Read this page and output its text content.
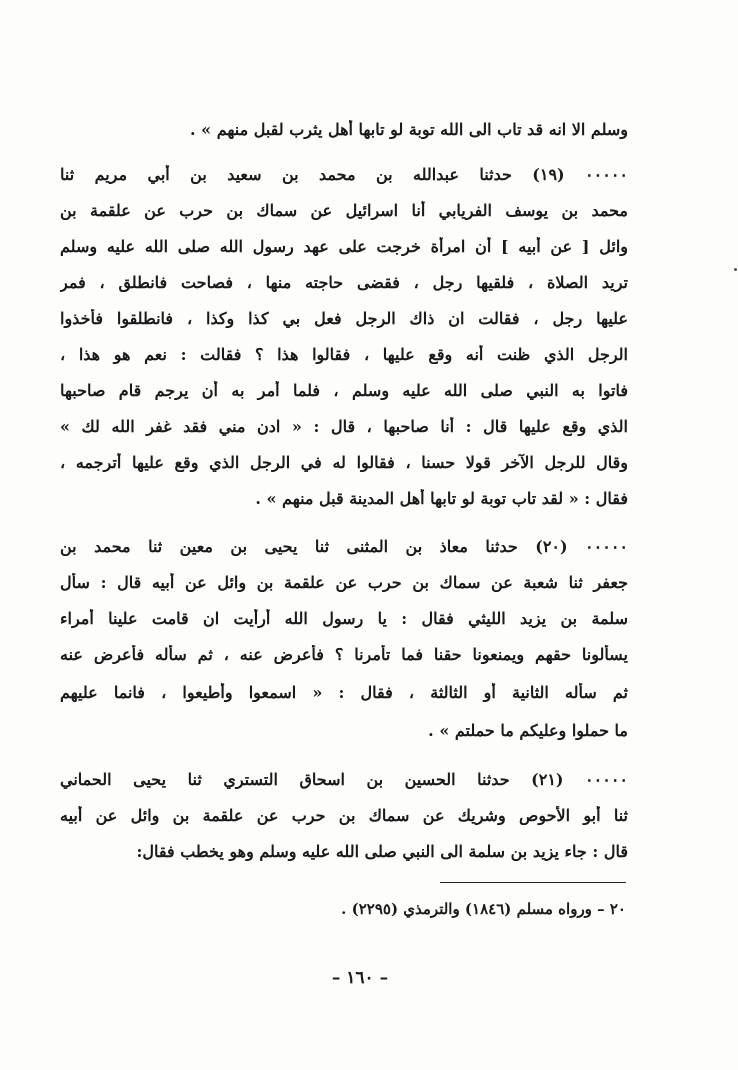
وسلم الا انه قد تاب الى الله توبة لو تابها أهل يثرب لقبل منهم » .
٠٠٠٠٠ (١٩) حدثنا عبدالله بن محمد بن سعيد بن أبي مريم ثنا
محمد بن يوسف الفريابي أنا اسرائيل عن سماك بن حرب عن علقمة بن
وائل [ عن أبيه ] أن امرأة خرجت على عهد رسول الله صلى الله عليه وسلم
تريد الصلاة ، فلقيها رجل ، فقضى حاجته منها ، فصاحت فانطلق ، فمر
عليها رجل ، فقالت ان ذاك الرجل فعل بي كذا وكذا ، فانطلقوا فأخذوا
الرجل الذي ظنت أنه وقع عليها ، فقالوا هذا ؟ فقالت : نعم هو هذا ،
فاتوا به النبي صلى الله عليه وسلم ، فلما أمر به أن يرجم قام صاحبها
الذي وقع عليها قال : أنا صاحبها ، قال : « ادن مني فقد غفر الله لك »
وقال للرجل الآخر قولا حسنا ، فقالوا له في الرجل الذي وقع عليها أترجمه ،
فقال : « لقد تاب توبة لو تابها أهل المدينة قبل منهم » .
٠٠٠٠٠ (٢٠) حدثنا معاذ بن المثنى ثنا يحيى بن معين ثنا محمد بن
جعفر ثنا شعبة عن سماك بن حرب عن علقمة بن وائل عن أبيه قال : سأل
سلمة بن يزيد الليثي فقال : يا رسول الله أرأيت ان قامت علينا أمراء
يسألونا حقهم ويمنعونا حقنا فما تأمرنا ؟ فأعرض عنه ، ثم سأله فأعرض عنه
ثم سأله الثانية أو الثالثة ، فقال : « اسمعوا وأطيعوا ، فانما عليهم
ما حملوا وعليكم ما حملتم » .
٠٠٠٠٠ (٢١) حدثنا الحسين بن اسحاق التستري ثنا يحيى الحماني
ثنا أبو الأحوص وشريك عن سماك بن حرب عن علقمة بن وائل عن أبيه
قال : جاء يزيد بن سلمة الى النبي صلى الله عليه وسلم وهو يخطب فقال:
٢٠ – ورواه مسلم (١٨٤٦) والترمذي (٢٢٩٥) .
– ١٦٠ –
